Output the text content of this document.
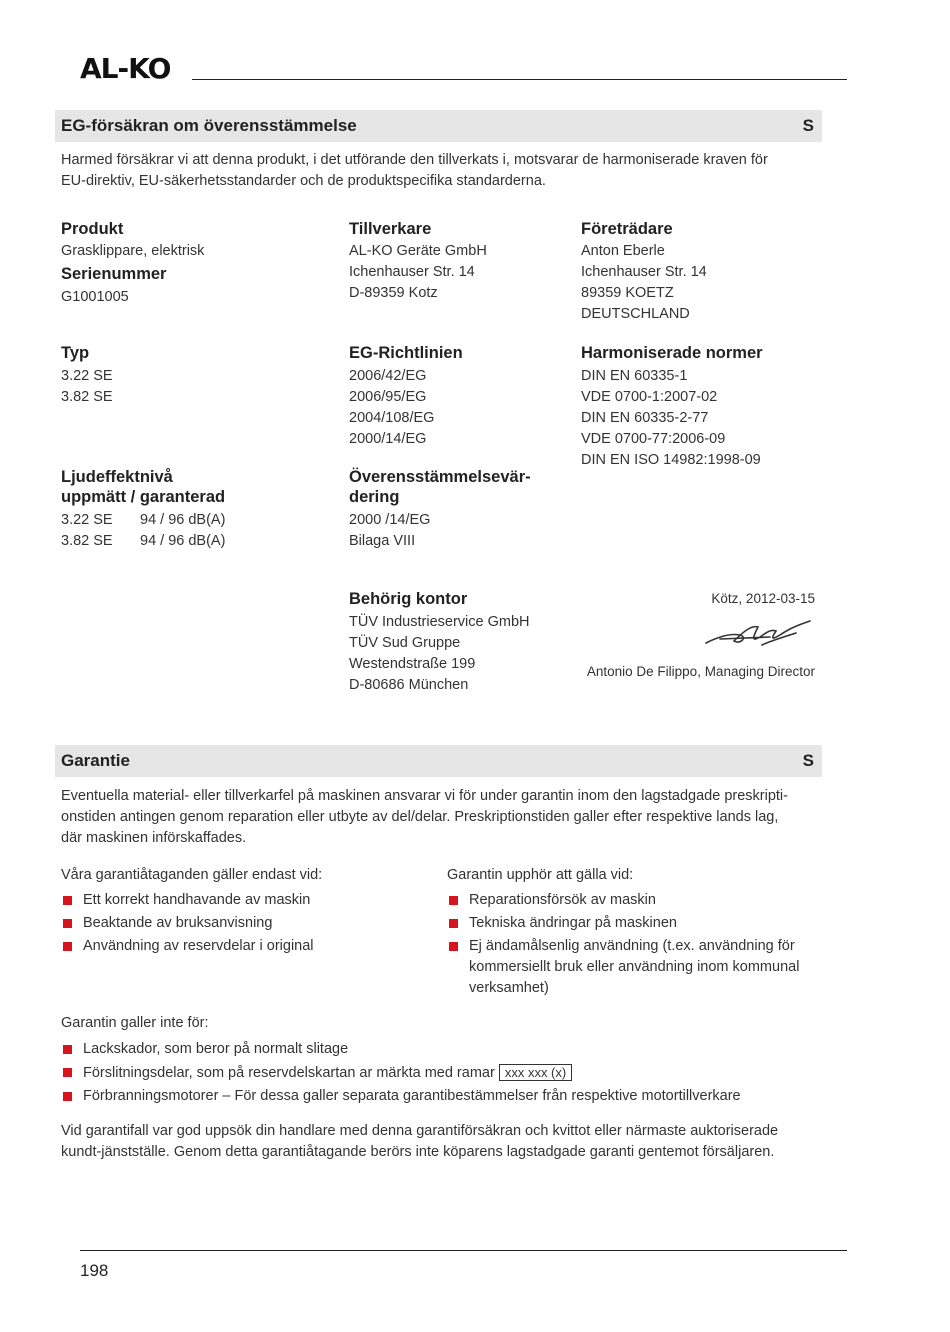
AL-KO
EG-försäkran om överensstämmelse	S
Harmed försäkrar vi att denna produkt, i det utförande den tillverkats i, motsvarar de harmoniserade kraven för EU-direktiv, EU-säkerhetsstandarder och de produktspecifika standarderna.
Produkt
Grasklippare, elektrisk
Serienummer
G1001005
Typ
3.22 SE
3.82 SE
Ljudeffektnivå
uppmätt / garanterad
3.22 SE 94 / 96 dB(A)
3.82 SE 94 / 96 dB(A)
Tillverkare
AL-KO Geräte GmbH
Ichenhauser Str. 14
D-89359 Kotz
EG-Richtlinien
2006/42/EG
2006/95/EG
2004/108/EG
2000/14/EG
Överensstämmelsevär-
dering
2000 /14/EG
Bilaga VIII
Behörig kontor
TÜV Industrieservice GmbH
TÜV Sud Gruppe
Westendstraße 199
D-80686 München
Företrädare
Anton Eberle
Ichenhauser Str. 14
89359 KOETZ
DEUTSCHLAND
Harmoniserade normer
DIN EN 60335-1
VDE 0700-1:2007-02
DIN EN 60335-2-77
VDE 0700-77:2006-09
DIN EN ISO 14982:1998-09
Kötz, 2012-03-15
Antonio De Filippo, Managing Director
Garantie	S
Eventuella material- eller tillverkarfel på maskinen ansvarar vi för under garantin inom den lagstadgade preskripti-onstiden antingen genom reparation eller utbyte av del/delar. Preskriptionstiden galler efter respektive lands lag, där maskinen införskaffades.
Våra garantiåtaganden gäller endast vid:
Ett korrekt handhavande av maskin
Beaktande av bruksanvisning
Användning av reservdelar i original
Garantin upphör att gälla vid:
Reparationsförsök av maskin
Tekniska ändringar på maskinen
Ej ändamålsenlig användning (t.ex. användning för kommersiellt bruk eller användning inom kommunal verksamhet)
Garantin galler inte för:
Lackskador, som beror på normalt slitage
Förslitningsdelar, som på reservdelskartan ar märkta med ramar xxx xxx (x)
Förbranningsmotorer – För dessa galler separata garantibestämmelser från respektive motortillverkare
Vid garantifall var god uppsök din handlare med denna garantiförsäkran och kvittot eller närmaste auktoriserade kundt-jänstställe. Genom detta garantiåtagande berörs inte köparens lagstadgade garanti gentemot försäljaren.
198
